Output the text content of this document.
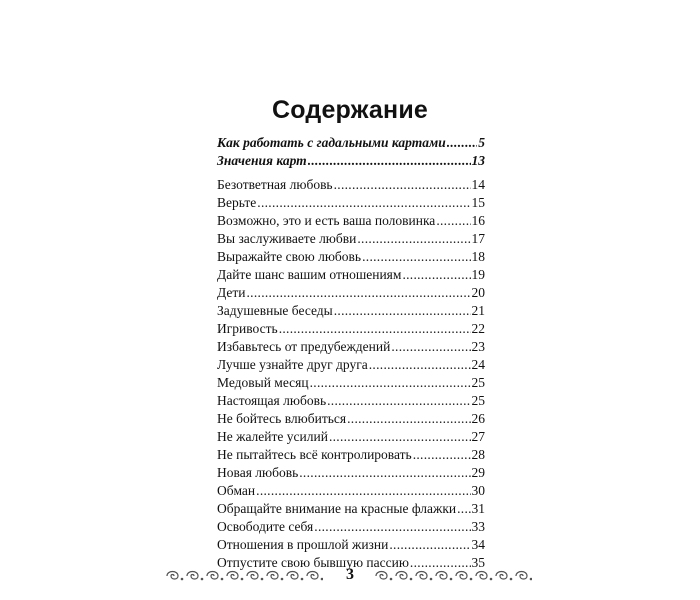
Содержание
Как работать с гадальными картами ..... 5
Значения карт .....	13
Безответная любовь .....	14
Верьте .....	15
Возможно, это и есть ваша половинка .....	16
Вы заслуживаете любви .....	17
Выражайте свою любовь .....	18
Дайте шанс вашим отношениям .....	19
Дети .....	20
Задушевные беседы .....	21
Игривость .....	22
Избавьтесь от предубеждений .....	23
Лучше узнайте друг друга .....	24
Медовый месяц .....	25
Настоящая любовь .....	25
Не бойтесь влюбиться .....	26
Не жалейте усилий .....	27
Не пытайтесь всё контролировать .....	28
Новая любовь .....	29
Обман .....	30
Обращайте внимание на красные флажки ..... 31
Освободите себя .....	33
Отношения в прошлой жизни .....	34
Отпустите свою бывшую пассию .....	35
3
